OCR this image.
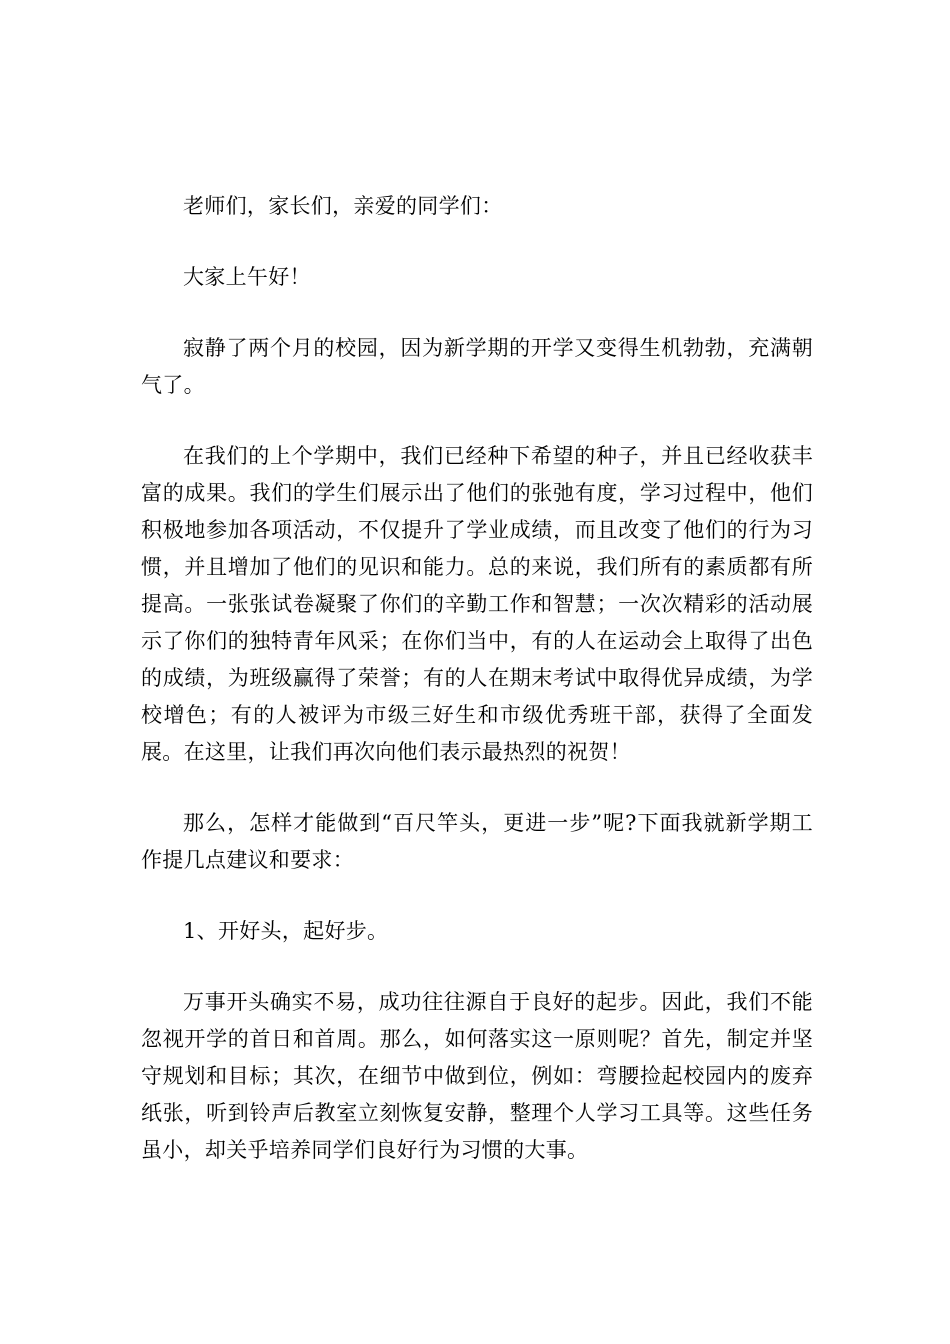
老师们，家长们，亲爱的同学们：

大家上午好！

寂静了两个月的校园，因为新学期的开学又变得生机勃勃，充满朝气了。

在我们的上个学期中，我们已经种下希望的种子，并且已经收获丰富的成果。我们的学生们展示出了他们的张弛有度，学习过程中，他们积极地参加各项活动，不仅提升了学业成绩，而且改变了他们的行为习惯，并且增加了他们的见识和能力。总的来说，我们所有的素质都有所提高。一张张试卷凝聚了你们的辛勤工作和智慧；一次次精彩的活动展示了你们的独特青年风采；在你们当中，有的人在运动会上取得了出色的成绩，为班级赢得了荣誉；有的人在期末考试中取得优异成绩，为学校增色；有的人被评为市级三好生和市级优秀班干部，获得了全面发展。在这里，让我们再次向他们表示最热烈的祝贺！

那么，怎样才能做到“百尺竿头，更进一步”呢?下面我就新学期工作提几点建议和要求：

1、开好头，起好步。

万事开头确实不易，成功往往源自于良好的起步。因此，我们不能忽视开学的首日和首周。那么，如何落实这一原则呢？首先，制定并坚守规划和目标；其次，在细节中做到位，例如：弯腰捡起校园内的废弃纸张，听到铃声后教室立刻恢复安静，整理个人学习工具等。这些任务虽小，却关乎培养同学们良好行为习惯的大事。
